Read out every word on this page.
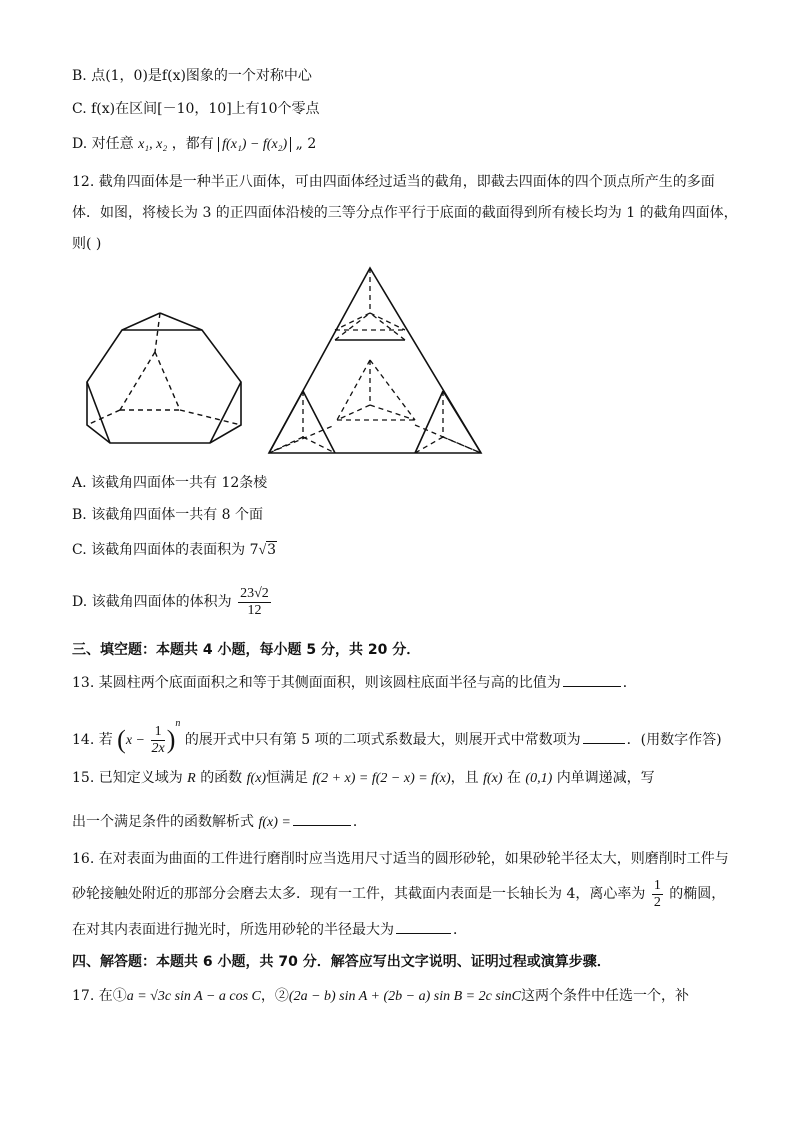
B. 点(1，0)是f(x)图象的一个对称中心
C. f(x)在区间[－10，10]上有10个零点
D. 对任意 x₁, x₂ ，都有 f(x₁) − f(x₂) „ 2
12. 截角四面体是一种半正八面体，可由四面体经过适当的截角，即截去四面体的四个顶点所产生的多面
体．如图，将棱长为 3 的正四面体沿棱的三等分点作平行于底面的截面得到所有棱长均为 1 的截角四面体，
则( )
A. 该截角四面体一共有 12条棱
B. 该截角四面体一共有 8 个面
C. 该截角四面体的表面积为 7√3
D. 该截角四面体的体积为 $\frac{23√2}{12}$
三、填空题：本题共 4 小题，每小题 5 分，共 20 分．
13. 某圆柱两个底面面积之和等于其侧面面积，则该圆柱底面半径与高的比值为	．
14. 若 $(x - \frac{1}{2x} )^n$ 的展开式中只有第 5 项的二项式系数最大，则展开式中常数项为	．(用数字作答)
15. 已知定义域为 R 的函数 f(x)恒满足 f(2 + x) = f(2 − x) = f(x)，且 f(x) 在 (0,1) 内单调递减，写
出一个满足条件的函数解析式 f(x) =	．
16. 在对表面为曲面的工件进行磨削时应当选用尺寸适当的圆形砂轮，如果砂轮半径太大，则磨削时工件与
砂轮接触处附近的那部分会磨去太多．现有一工件，其截面内表面是一长轴长为 4，离心率为 $\frac{1}{2}$ 的椭圆，
在对其内表面进行抛光时，所选用砂轮的半径最大为	．
四、解答题：本题共 6 小题，共 70 分．解答应写出文字说明、证明过程或演算步骤．
17. 在①a = √3c sin A − a cos C，②(2a − b) sin A + (2b − a) sin B = 2c sinC这两个条件中任选一个，补
